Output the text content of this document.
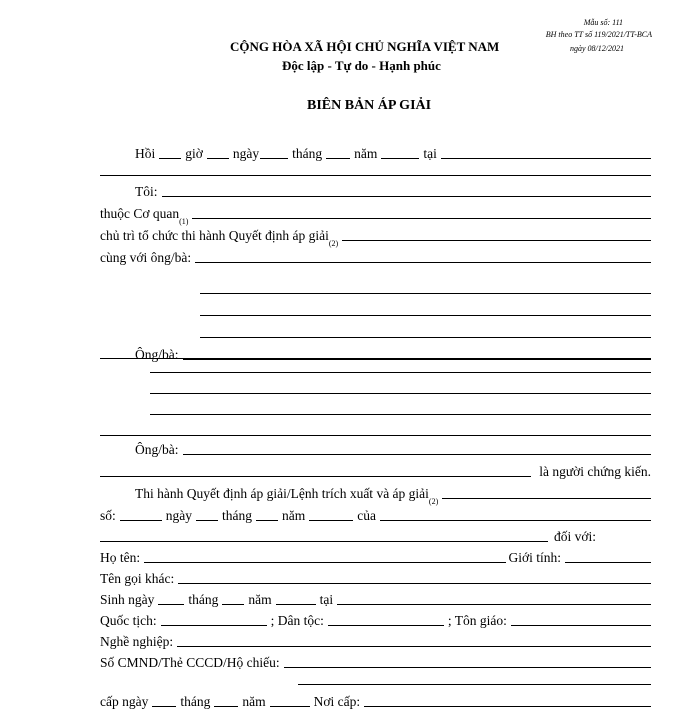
Mẫu số: 111
BH theo TT số 119/2021/TT-BCA
ngày 08/12/2021
CỘNG HÒA XÃ HỘI CHỦ NGHĨA VIỆT NAM
Độc lập - Tự do - Hạnh phúc
BIÊN BẢN ÁP GIẢI
Hồi giờ ngày tháng năm	tại
Tôi:
thuộc Cơ quan
(1)
chủ trì tổ chức thi hành Quyết định áp giải
(2)
cùng với ông/bà:
Ông/bà:
Ông/bà:
là người chứng kiến.
Thi hành Quyết định áp giải/Lệnh trích xuất và áp giải
(2)
số:	ngày tháng năm	của
đối với:
Họ tên:	Giới tính:
Tên gọi khác:
Sinh ngày	tháng năm	tại
Quốc tịch:	; Dân tộc:	; Tôn giáo:
Nghề nghiệp:
Số CMND/Thẻ CCCD/Hộ chiếu:
cấp ngày tháng năm	Nơi cấp:
